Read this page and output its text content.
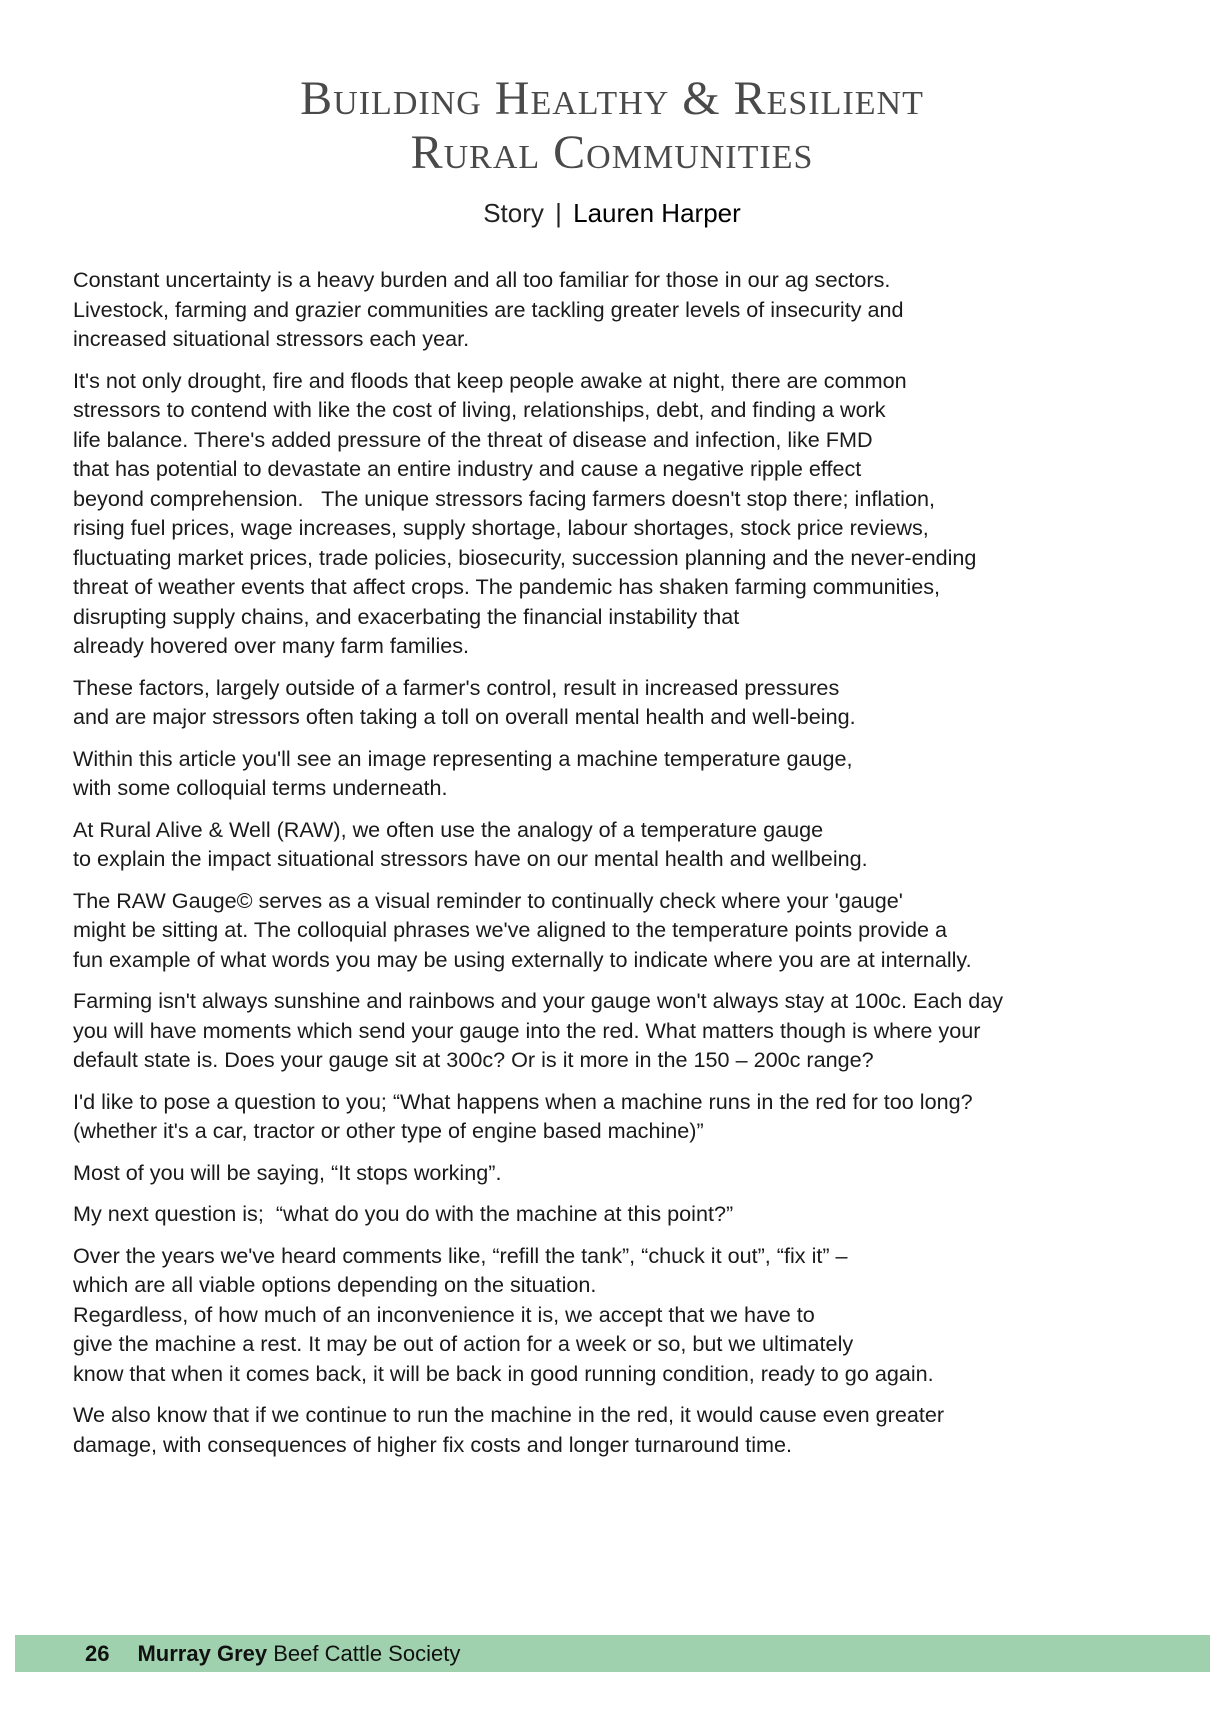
Building Healthy & Resilient
Rural Communities
Story | Lauren Harper

Constant uncertainty is a heavy burden and all too familiar for those in our ag sectors.
Livestock, farming and grazier communities are tackling greater levels of insecurity and
increased situational stressors each year.

It's not only drought, fire and floods that keep people awake at night, there are common
stressors to contend with like the cost of living, relationships, debt, and finding a work
life balance. There's added pressure of the threat of disease and infection, like FMD
that has potential to devastate an entire industry and cause a negative ripple effect
beyond comprehension.   The unique stressors facing farmers doesn't stop there; inflation,
rising fuel prices, wage increases, supply shortage, labour shortages, stock price reviews,
fluctuating market prices, trade policies, biosecurity, succession planning and the never-ending
threat of weather events that affect crops. The pandemic has shaken farming communities,
disrupting supply chains, and exacerbating the financial instability that
already hovered over many farm families.

These factors, largely outside of a farmer's control, result in increased pressures
and are major stressors often taking a toll on overall mental health and well-being.

Within this article you'll see an image representing a machine temperature gauge,
with some colloquial terms underneath.

At Rural Alive & Well (RAW), we often use the analogy of a temperature gauge
to explain the impact situational stressors have on our mental health and wellbeing.

The RAW Gauge© serves as a visual reminder to continually check where your 'gauge'
might be sitting at. The colloquial phrases we've aligned to the temperature points provide a
fun example of what words you may be using externally to indicate where you are at internally.

Farming isn't always sunshine and rainbows and your gauge won't always stay at 100c. Each day
you will have moments which send your gauge into the red. What matters though is where your
default state is. Does your gauge sit at 300c? Or is it more in the 150 – 200c range?

I'd like to pose a question to you; “What happens when a machine runs in the red for too long?
(whether it's a car, tractor or other type of engine based machine)”

Most of you will be saying, “It stops working”.

My next question is;  “what do you do with the machine at this point?”

Over the years we've heard comments like, “refill the tank”, “chuck it out”, “fix it” –
which are all viable options depending on the situation.
Regardless, of how much of an inconvenience it is, we accept that we have to
give the machine a rest. It may be out of action for a week or so, but we ultimately
know that when it comes back, it will be back in good running condition, ready to go again.

We also know that if we continue to run the machine in the red, it would cause even greater
damage, with consequences of higher fix costs and longer turnaround time.

26 Murray Grey Beef Cattle Society
